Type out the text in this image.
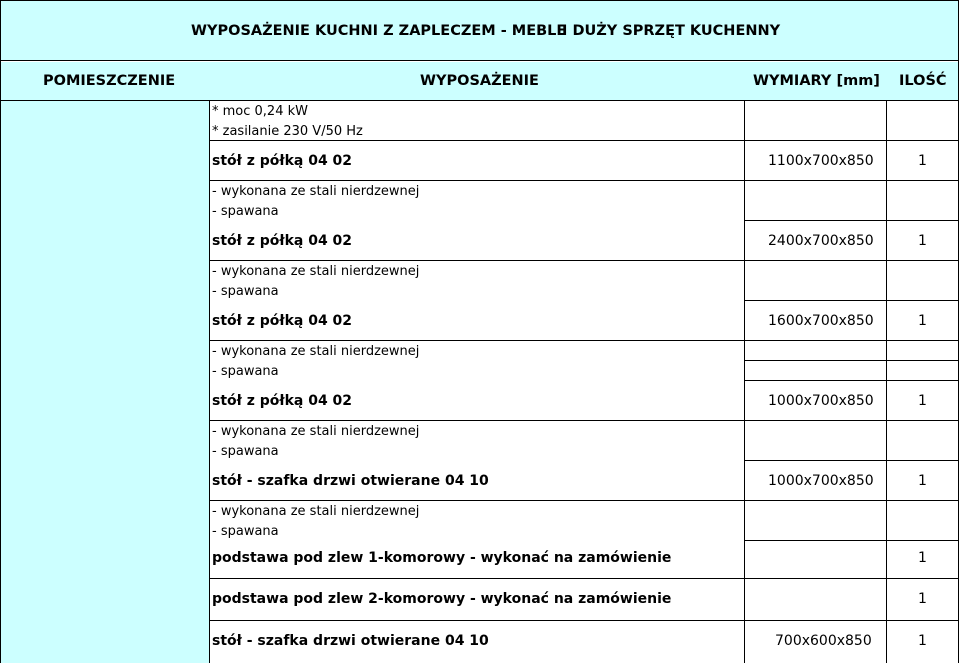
WYPOSAŻENIE KUCHNI Z ZAPLECZEM - MEBLE
I DUŻY SPRZĘT KUCHENNY
POMIESZCZENIE	WYPOSAŻENIE	WYMIARY [mm] ILOŚĆ
* moc 0,24 kW
* zasilanie 230 V/50 Hz
stół z półką 04 02	1100x700x850	1
- wykonana ze stali nierdzewnej
- spawana
stół z półką 04 02	2400x700x850	1
- wykonana ze stali nierdzewnej
- spawana
stół z półką 04 02	1600x700x850	1
- wykonana ze stali nierdzewnej
- spawana
stół z półką 04 02	1000x700x850	1
- wykonana ze stali nierdzewnej
- spawana
stół - szafka drzwi otwierane 04 10	1000x700x850	1
- wykonana ze stali nierdzewnej
- spawana
podstawa pod zlew 1-komorowy - wykonać na zamówienie	1
podstawa pod zlew 2-komorowy - wykonać na zamówienie	1
stół - szafka drzwi otwierane 04 10	700x600x850	1
